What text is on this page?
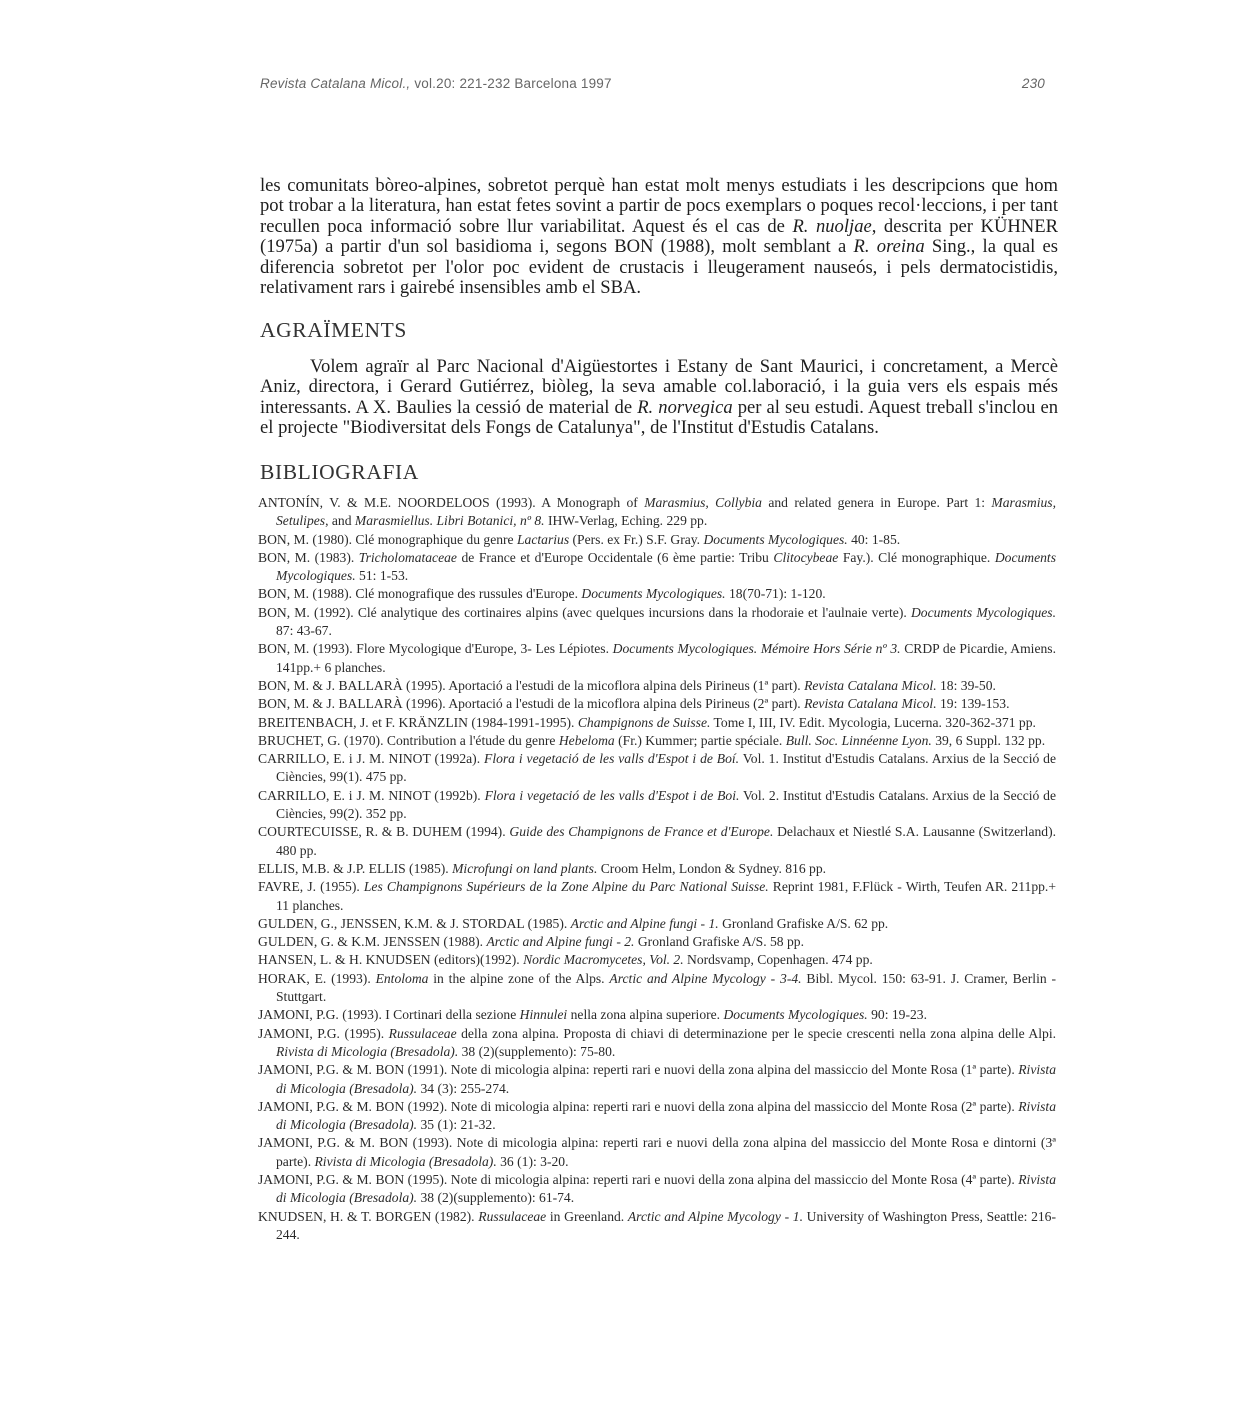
Revista Catalana Micol., vol.20: 221-232 Barcelona 1997	230

les comunitats bòreo-alpines, sobretot perquè han estat molt menys estudiats i les descripcions que hom pot trobar a la literatura, han estat fetes sovint a partir de pocs exemplars o poques recol·leccions, i per tant recullen poca informació sobre llur variabilitat. Aquest és el cas de R. nuoljae, descrita per KÜHNER (1975a) a partir d'un sol basidioma i, segons BON (1988), molt semblant a R. oreina Sing., la qual es diferencia sobretot per l'olor poc evident de crustacis i lleugerament nauseós, i pels dermatocistidis, relativament rars i gairebé insensibles amb el SBA.

AGRAÏMENTS

Volem agraïr al Parc Nacional d'Aigüestortes i Estany de Sant Maurici, i concretament, a Mercè Aniz, directora, i Gerard Gutiérrez, biòleg, la seva amable col.laboració, i la guia vers els espais més interessants. A X. Baulies la cessió de material de R. norvegica per al seu estudi. Aquest treball s'inclou en el projecte "Biodiversitat dels Fongs de Catalunya", de l'Institut d'Estudis Catalans.

BIBLIOGRAFIA
ANTONÍN, V. & M.E. NOORDELOOS (1993). A Monograph of Marasmius, Collybia and related genera in Europe. Part 1: Marasmius, Setulipes, and Marasmiellus. Libri Botanici, nº 8. IHW-Verlag, Eching. 229 pp.
BON, M. (1980). Clé monographique du genre Lactarius (Pers. ex Fr.) S.F. Gray. Documents Mycologiques. 40: 1-85.
BON, M. (1983). Tricholomataceae de France et d'Europe Occidentale (6 ème partie: Tribu Clitocybeae Fay.). Clé monographique. Documents Mycologiques. 51: 1-53.
BON, M. (1988). Clé monografique des russules d'Europe. Documents Mycologiques. 18(70-71): 1-120.
BON, M. (1992). Clé analytique des cortinaires alpins (avec quelques incursions dans la rhodoraie et l'aulnaie verte). Documents Mycologiques. 87: 43-67.
BON, M. (1993). Flore Mycologique d'Europe, 3- Les Lépiotes. Documents Mycologiques. Mémoire Hors Série nº 3. CRDP de Picardie, Amiens. 141pp.+ 6 planches.
BON, M. & J. BALLARÀ (1995). Aportació a l'estudi de la micoflora alpina dels Pirineus (1ª part). Revista Catalana Micol. 18: 39-50.
BON, M. & J. BALLARÀ (1996). Aportació a l'estudi de la micoflora alpina dels Pirineus (2ª part). Revista Catalana Micol. 19: 139-153.
BREITENBACH, J. et F. KRÄNZLIN (1984-1991-1995). Champignons de Suisse. Tome I, III, IV. Edit. Mycologia, Lucerna. 320-362-371 pp.
BRUCHET, G. (1970). Contribution a l'étude du genre Hebeloma (Fr.) Kummer; partie spéciale. Bull. Soc. Linnéenne Lyon. 39, 6 Suppl. 132 pp.
CARRILLO, E. i J. M. NINOT (1992a). Flora i vegetació de les valls d'Espot i de Boí. Vol. 1. Institut d'Estudis Catalans. Arxius de la Secció de Ciències, 99(1). 475 pp.
CARRILLO, E. i J. M. NINOT (1992b). Flora i vegetació de les valls d'Espot i de Boi. Vol. 2. Institut d'Estudis Catalans. Arxius de la Secció de Ciències, 99(2). 352 pp.
COURTECUISSE, R. & B. DUHEM (1994). Guide des Champignons de France et d'Europe. Delachaux et Niestlé S.A. Lausanne (Switzerland). 480 pp.
ELLIS, M.B. & J.P. ELLIS (1985). Microfungi on land plants. Croom Helm, London & Sydney. 816 pp.
FAVRE, J. (1955). Les Champignons Supérieurs de la Zone Alpine du Parc National Suisse. Reprint 1981, F.Flück - Wirth, Teufen AR. 211pp.+ 11 planches.
GULDEN, G., JENSSEN, K.M. & J. STORDAL (1985). Arctic and Alpine fungi - 1. Gronland Grafiske A/S. 62 pp.
GULDEN, G. & K.M. JENSSEN (1988). Arctic and Alpine fungi - 2. Gronland Grafiske A/S. 58 pp.
HANSEN, L. & H. KNUDSEN (editors)(1992). Nordic Macromycetes, Vol. 2. Nordsvamp, Copenhagen. 474 pp.
HORAK, E. (1993). Entoloma in the alpine zone of the Alps. Arctic and Alpine Mycology - 3-4. Bibl. Mycol. 150: 63-91. J. Cramer, Berlin - Stuttgart.
JAMONI, P.G. (1993). I Cortinari della sezione Hinnulei nella zona alpina superiore. Documents Mycologiques. 90: 19-23.
JAMONI, P.G. (1995). Russulaceae della zona alpina. Proposta di chiavi di determinazione per le specie crescenti nella zona alpina delle Alpi. Rivista di Micologia (Bresadola). 38 (2)(supplemento): 75-80.
JAMONI, P.G. & M. BON (1991). Note di micologia alpina: reperti rari e nuovi della zona alpina del massiccio del Monte Rosa (1ª parte). Rivista di Micologia (Bresadola). 34 (3): 255-274.
JAMONI, P.G. & M. BON (1992). Note di micologia alpina: reperti rari e nuovi della zona alpina del massiccio del Monte Rosa (2ª parte). Rivista di Micologia (Bresadola). 35 (1): 21-32.
JAMONI, P.G. & M. BON (1993). Note di micologia alpina: reperti rari e nuovi della zona alpina del massiccio del Monte Rosa e dintorni (3ª parte). Rivista di Micologia (Bresadola). 36 (1): 3-20.
JAMONI, P.G. & M. BON (1995). Note di micologia alpina: reperti rari e nuovi della zona alpina del massiccio del Monte Rosa (4ª parte). Rivista di Micologia (Bresadola). 38 (2)(supplemento): 61-74.
KNUDSEN, H. & T. BORGEN (1982). Russulaceae in Greenland. Arctic and Alpine Mycology - 1. University of Washington Press, Seattle: 216-244.
